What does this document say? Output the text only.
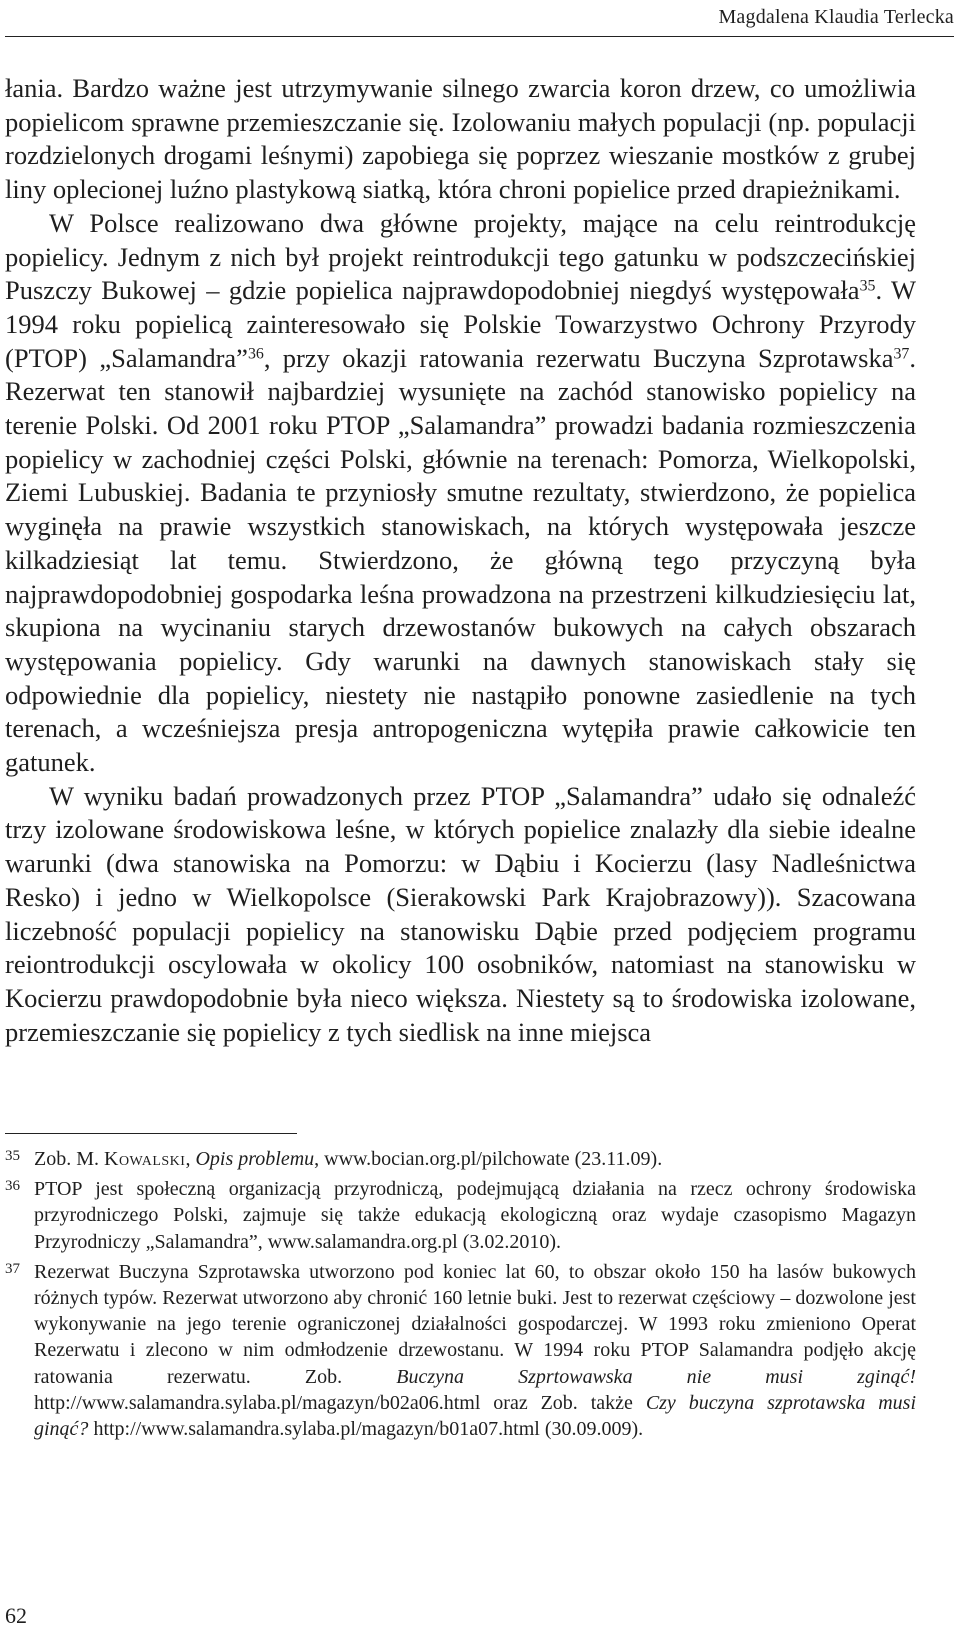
Magdalena Klaudia Terlecka

łania. Bardzo ważne jest utrzymywanie silnego zwarcia koron drzew, co umożliwia popielicom sprawne przemieszczanie się. Izolowaniu małych populacji (np. populacji rozdzielonych drogami leśnymi) zapobiega się poprzez wieszanie mostków z grubej liny oplecionej luźno plastykową siatką, która chroni popielice przed drapieżnikami.

W Polsce realizowano dwa główne projekty, mające na celu reintrodukcję popielicy. Jednym z nich był projekt reintrodukcji tego gatunku w podszczecińskiej Puszczy Bukowej – gdzie popielica najprawdopodobniej niegdyś występowała$^{35}$. W 1994 roku popielicą zainteresowało się Polskie Towarzystwo Ochrony Przyrody (PTOP) „Salamandra”$^{36}$, przy okazji ratowania rezerwatu Buczyna Szprotawska$^{37}$. Rezerwat ten stanowił najbardziej wysunięte na zachód stanowisko popielicy na terenie Polski. Od 2001 roku PTOP „Salamandra” prowadzi badania rozmieszczenia popielicy w zachodniej części Polski, głównie na terenach: Pomorza, Wielkopolski, Ziemi Lubuskiej. Badania te przyniosły smutne rezultaty, stwierdzono, że popielica wyginęła na prawie wszystkich stanowiskach, na których występowała jeszcze kilkadziesiąt lat temu. Stwierdzono, że główną tego przyczyną była najprawdopodobniej gospodarka leśna prowadzona na przestrzeni kilkudziesięciu lat, skupiona na wycinaniu starych drzewostanów bukowych na całych obszarach występowania popielicy. Gdy warunki na dawnych stanowiskach stały się odpowiednie dla popielicy, niestety nie nastąpiło ponowne zasiedlenie na tych terenach, a wcześniejsza presja antropogeniczna wytępiła prawie całkowicie ten gatunek.

W wyniku badań prowadzonych przez PTOP „Salamandra” udało się odnaleźć trzy izolowane środowiskowa leśne, w których popielice znalazły dla siebie idealne warunki (dwa stanowiska na Pomorzu: w Dąbiu i Kocierzu (lasy Nadleśnictwa Resko) i jedno w Wielkopolsce (Sierakowski Park Krajobrazowy)). Szacowana liczebność populacji popielicy na stanowisku Dąbie przed podjęciem programu reiontrodukcji oscylowała w okolicy 100 osobników, natomiast na stanowisku w Kocierzu prawdopodobnie była nieco większa. Niestety są to środowiska izolowane, przemieszczanie się popielicy z tych siedlisk na inne miejsca

35 Zob. M. Kowalski, Opis problemu, www.bocian.org.pl/pilchowate (23.11.09).
36 PTOP jest społeczną organizacją przyrodniczą, podejmującą działania na rzecz ochrony środowiska przyrodniczego Polski, zajmuje się także edukacją ekologiczną oraz wydaje czasopismo Magazyn Przyrodniczy „Salamandra”, www.salamandra.org.pl (3.02.2010).
37 Rezerwat Buczyna Szprotawska utworzono pod koniec lat 60, to obszar około 150 ha lasów bukowych różnych typów. Rezerwat utworzono aby chronić 160 letnie buki. Jest to rezerwat częściowy – dozwolone jest wykonywanie na jego terenie ograniczonej działalności gospodarczej. W 1993 roku zmieniono Operat Rezerwatu i zlecono w nim odmłodzenie drzewostanu. W 1994 roku PTOP Salamandra podjęło akcję ratowania rezerwatu. Zob. Buczyna Szprtowawska nie musi zginąć! http://www.salamandra.sylaba.pl/magazyn/b02a06.html oraz Zob. także Czy buczyna szprotawska musi ginąć? http://www.salamandra.sylaba.pl/magazyn/b01a07.html (30.09.009).
62
